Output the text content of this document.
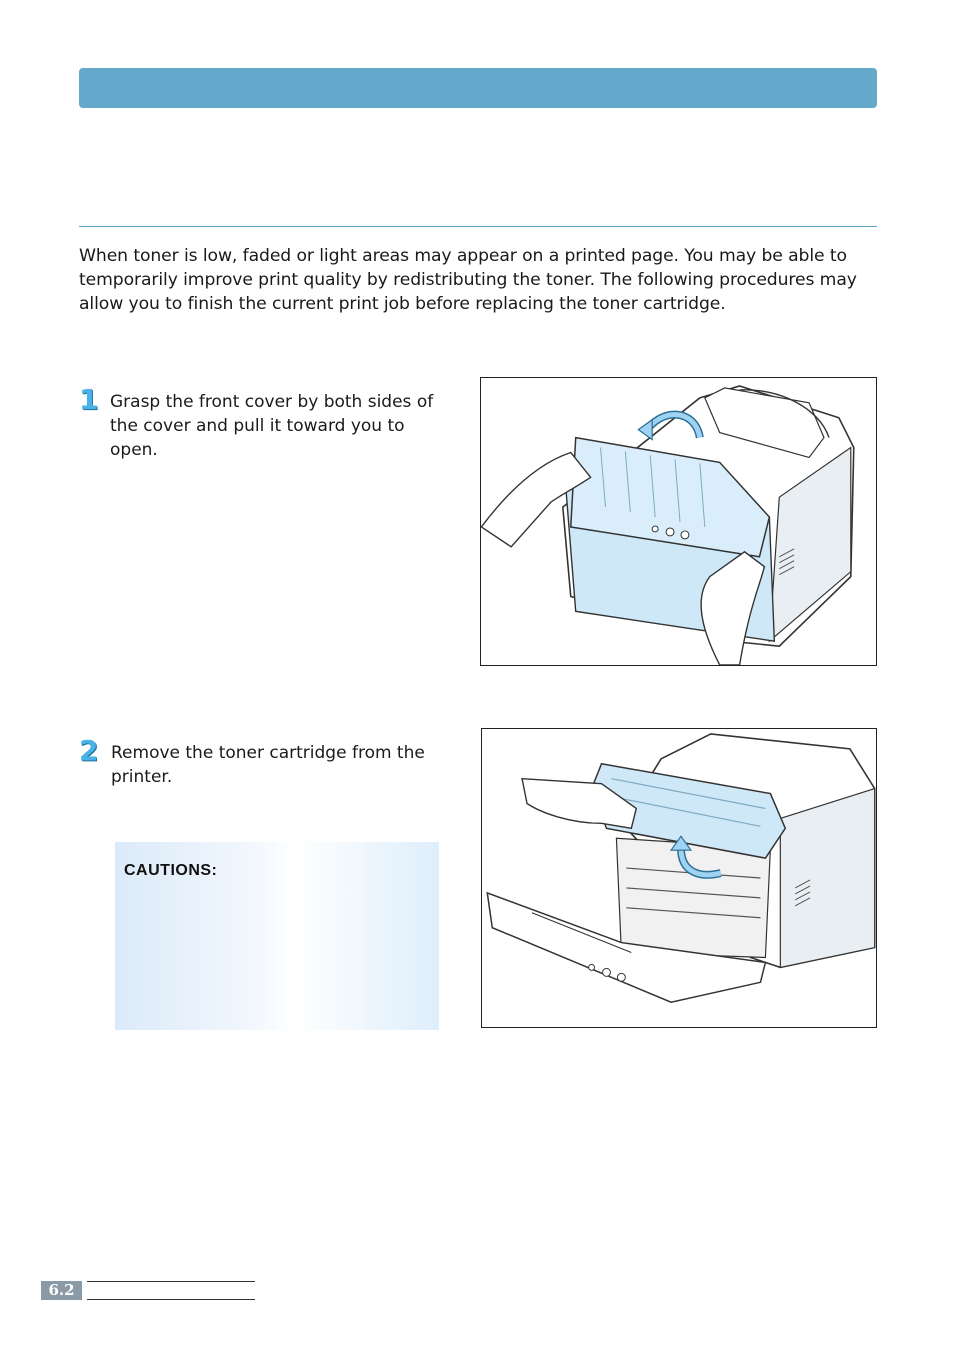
When toner is low, faded or light areas may appear on a printed page. You may be able to temporarily improve print quality by redistributing the toner. The following procedures may allow you to finish the current print job before replacing the toner cartridge.
1 Grasp the front cover by both sides of the cover and pull it toward you to open.
2 Remove the toner cartridge from the printer.
CAUTIONS:
6.2
